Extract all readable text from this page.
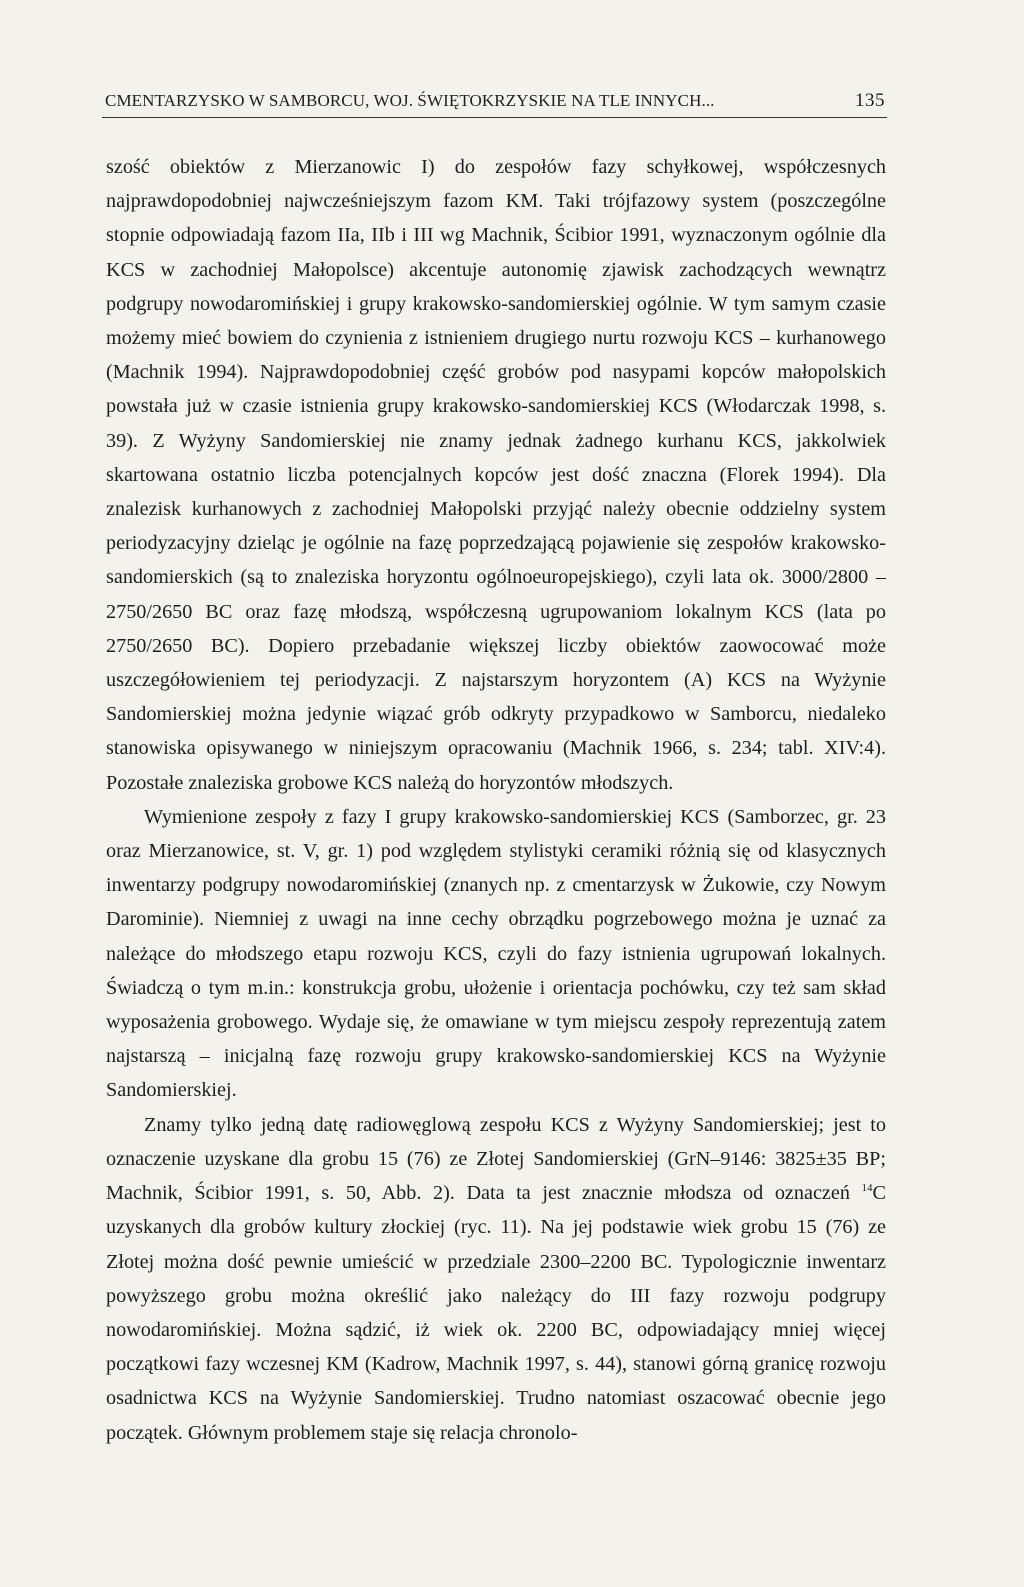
CMENTARZYSKO W SAMBORCU, WOJ. ŚWIĘTOKRZYSKIE NA TLE INNYCH...	135

szość obiektów z Mierzanowic I) do zespołów fazy schyłkowej, współczesnych najprawdopodobniej najwcześniejszym fazom KM. Taki trójfazowy system (poszczególne stopnie odpowiadają fazom IIa, IIb i III wg Machnik, Ścibior 1991, wyznaczonym ogólnie dla KCS w zachodniej Małopolsce) akcentuje autonomię zjawisk zachodzących wewnątrz podgrupy nowodaromińskiej i grupy krakowsko-sandomierskiej ogólnie. W tym samym czasie możemy mieć bowiem do czynienia z istnieniem drugiego nurtu rozwoju KCS – kurhanowego (Machnik 1994). Najprawdopodobniej część grobów pod nasypami kopców małopolskich powstała już w czasie istnienia grupy krakowsko-sandomierskiej KCS (Włodarczak 1998, s. 39). Z Wyżyny Sandomierskiej nie znamy jednak żadnego kurhanu KCS, jakkolwiek skartowana ostatnio liczba potencjalnych kopców jest dość znaczna (Florek 1994). Dla znalezisk kurhanowych z zachodniej Małopolski przyjąć należy obecnie oddzielny system periodyzacyjny dzieląc je ogólnie na fazę poprzedzającą pojawienie się zespołów krakowsko-sandomierskich (są to znaleziska horyzontu ogólnoeuropejskiego), czyli lata ok. 3000/2800 – 2750/2650 BC oraz fazę młodszą, współczesną ugrupowaniom lokalnym KCS (lata po 2750/2650 BC). Dopiero przebadanie większej liczby obiektów zaowocować może uszczegółowieniem tej periodyzacji. Z najstarszym horyzontem (A) KCS na Wyżynie Sandomierskiej można jedynie wiązać grób odkryty przypadkowo w Samborcu, niedaleko stanowiska opisywanego w niniejszym opracowaniu (Machnik 1966, s. 234; tabl. XIV:4). Pozostałe znaleziska grobowe KCS należą do horyzontów młodszych.

Wymienione zespoły z fazy I grupy krakowsko-sandomierskiej KCS (Samborzec, gr. 23 oraz Mierzanowice, st. V, gr. 1) pod względem stylistyki ceramiki różnią się od klasycznych inwentarzy podgrupy nowodaromińskiej (znanych np. z cmentarzysk w Żukowie, czy Nowym Darominie). Niemniej z uwagi na inne cechy obrządku pogrzebowego można je uznać za należące do młodszego etapu rozwoju KCS, czyli do fazy istnienia ugrupowań lokalnych. Świadczą o tym m.in.: konstrukcja grobu, ułożenie i orientacja pochówku, czy też sam skład wyposażenia grobowego. Wydaje się, że omawiane w tym miejscu zespoły reprezentują zatem najstarszą – inicjalną fazę rozwoju grupy krakowsko-sandomierskiej KCS na Wyżynie Sandomierskiej.

Znamy tylko jedną datę radiowęglową zespołu KCS z Wyżyny Sandomierskiej; jest to oznaczenie uzyskane dla grobu 15 (76) ze Złotej Sandomierskiej (GrN–9146: 3825±35 BP; Machnik, Ścibior 1991, s. 50, Abb. 2). Data ta jest znacznie młodsza od oznaczeń $^{14}$C uzyskanych dla grobów kultury złockiej (ryc. 11). Na jej podstawie wiek grobu 15 (76) ze Złotej można dość pewnie umieścić w przedziale 2300–2200 BC. Typologicznie inwentarz powyższego grobu można określić jako należący do III fazy rozwoju podgrupy nowodaromińskiej. Można sądzić, iż wiek ok. 2200 BC, odpowiadający mniej więcej początkowi fazy wczesnej KM (Kadrow, Machnik 1997, s. 44), stanowi górną granicę rozwoju osadnictwa KCS na Wyżynie Sandomierskiej. Trudno natomiast oszacować obecnie jego początek. Głównym problemem staje się relacja chronolo-
